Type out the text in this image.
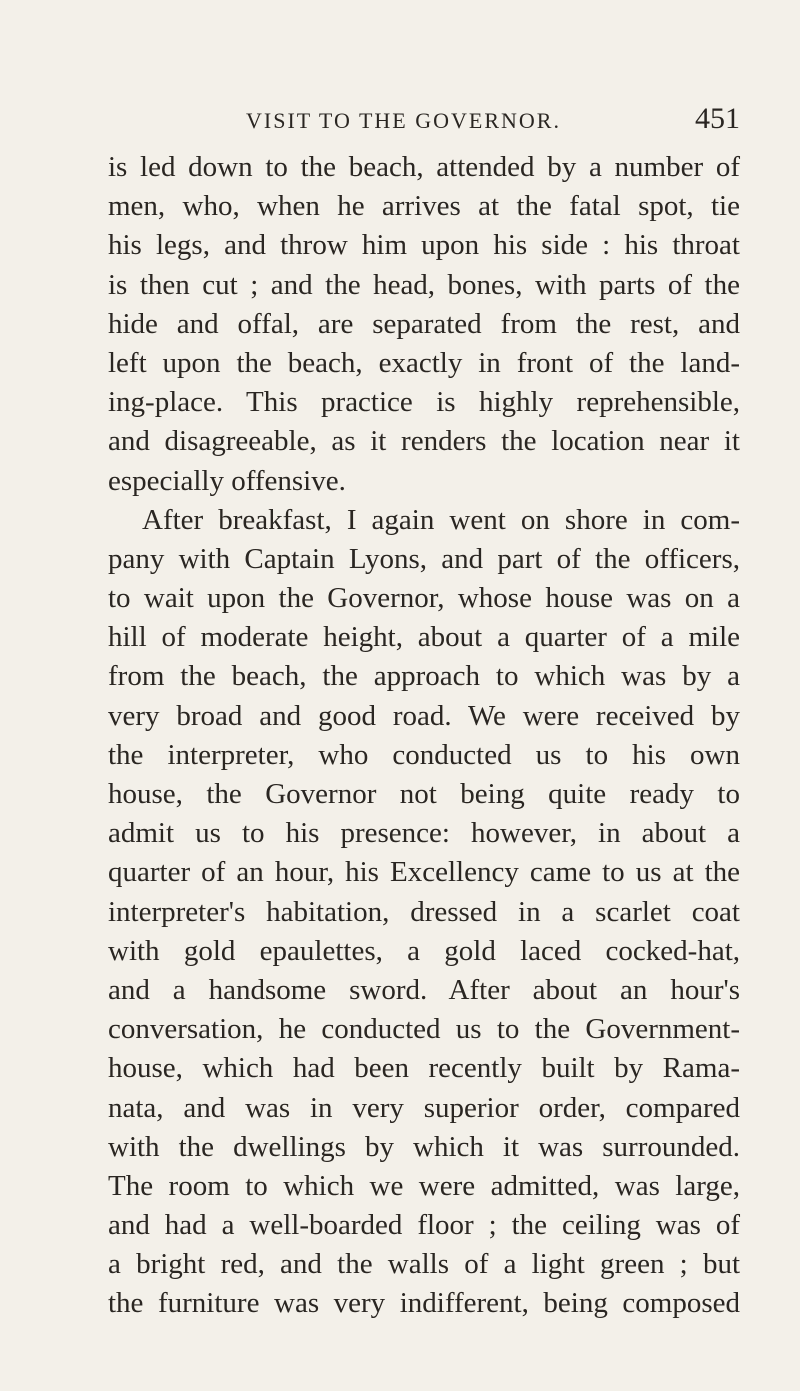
VISIT TO THE GOVERNOR.	451
is led down to the beach, attended by a number of
men, who, when he arrives at the fatal spot, tie
his legs, and throw him upon his side : his throat
is then cut ; and the head, bones, with parts of the
hide and offal, are separated from the rest, and
left upon the beach, exactly in front of the land-
ing-place. This practice is highly reprehensible,
and disagreeable, as it renders the location near it
especially offensive.
After breakfast, I again went on shore in com-
pany with Captain Lyons, and part of the officers,
to wait upon the Governor, whose house was on a
hill of moderate height, about a quarter of a mile
from the beach, the approach to which was by a
very broad and good road. We were received by
the interpreter, who conducted us to his own
house, the Governor not being quite ready to
admit us to his presence: however, in about a
quarter of an hour, his Excellency came to us at the
interpreter's habitation, dressed in a scarlet coat
with gold epaulettes, a gold laced cocked-hat,
and a handsome sword. After about an hour's
conversation, he conducted us to the Government-
house, which had been recently built by Rama-
nata, and was in very superior order, compared
with the dwellings by which it was surrounded.
The room to which we were admitted, was large,
and had a well-boarded floor ; the ceiling was of
a bright red, and the walls of a light green ; but
the furniture was very indifferent, being composed
